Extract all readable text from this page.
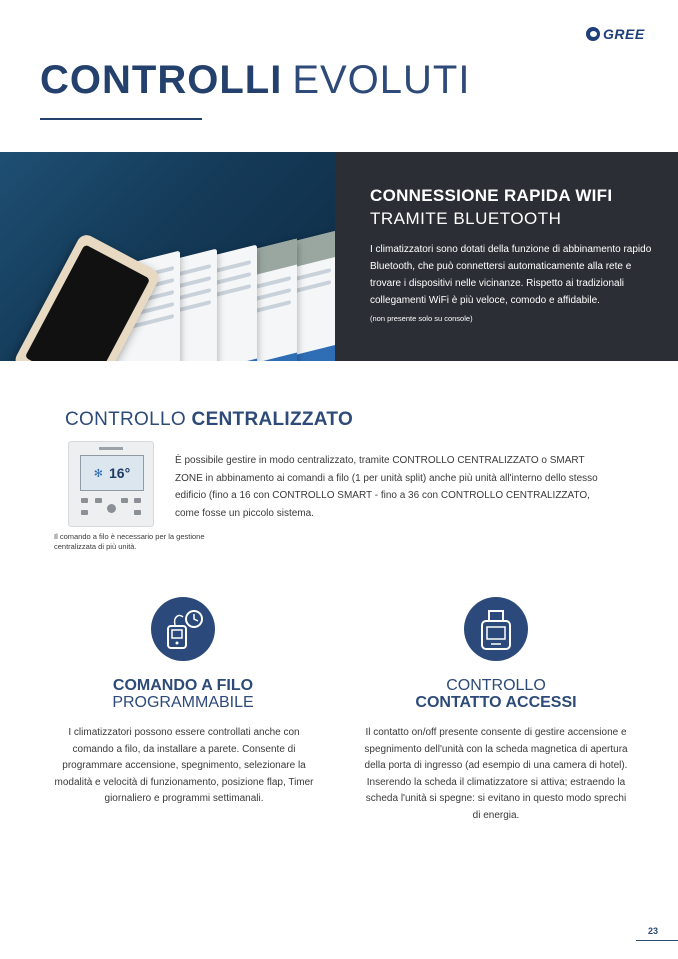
GREE
CONTROLLI EVOLUTI

CONNESSIONE RAPIDA WIFI

TRAMITE BLUETOOTH

I climatizzatori sono dotati della funzione di abbinamento rapido Bluetooth, che può connettersi automaticamente alla rete e trovare i dispositivi nelle vicinanze. Rispetto ai tradizionali collegamenti WiFi è più veloce, comodo e affidabile.

(non presente solo su console)
CONTROLLO CENTRALIZZATO
✻ 16°

È possibile gestire in modo centralizzato, tramite CONTROLLO CENTRALIZZATO o SMART ZONE in abbinamento ai comandi a filo (1 per unità split) anche più unità all'interno dello stesso edificio (fino a 16 con CONTROLLO SMART - fino a 36 con CONTROLLO CENTRALIZZATO, come fosse un piccolo sistema.

Il comando a filo è necessario per la gestione centralizzata di più unità.

COMANDO A FILO
PROGRAMMABILE

I climatizzatori possono essere controllati anche con comando a filo, da installare a parete. Consente di programmare accensione, spegnimento, selezionare la modalità e velocità di funzionamento, posizione flap, Timer giornaliero e programmi settimanali.

CONTROLLO
CONTATTO ACCESSI

Il contatto on/off presente consente di gestire accensione e spegnimento dell'unità con la scheda magnetica di apertura della porta di ingresso (ad esempio di una camera di hotel). Inserendo la scheda il climatizzatore si attiva; estraendo la scheda l'unità si spegne: si evitano in questo modo sprechi di energia.

23
